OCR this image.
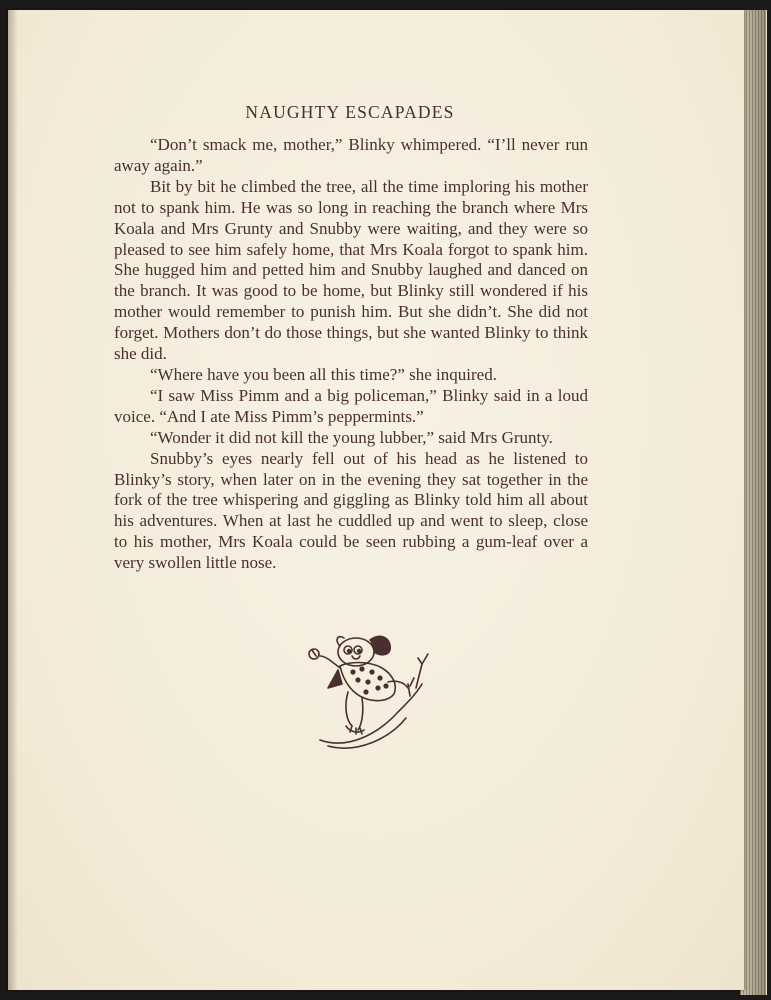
NAUGHTY ESCAPADES

“Don’t smack me, mother,” Blinky whimpered. “I’ll never run away again.”

Bit by bit he climbed the tree, all the time imploring his mother not to spank him. He was so long in reaching the branch where Mrs Koala and Mrs Grunty and Snubby were waiting, and they were so pleased to see him safely home, that Mrs Koala forgot to spank him. She hugged him and petted him and Snubby laughed and danced on the branch. It was good to be home, but Blinky still wondered if his mother would remember to punish him. But she didn’t. She did not forget. Mothers don’t do those things, but she wanted Blinky to think she did.

“Where have you been all this time?” she inquired.

“I saw Miss Pimm and a big policeman,” Blinky said in a loud voice. “And I ate Miss Pimm’s peppermints.”

“Wonder it did not kill the young lubber,” said Mrs Grunty.

Snubby’s eyes nearly fell out of his head as he listened to Blinky’s story, when later on in the evening they sat together in the fork of the tree whispering and giggling as Blinky told him all about his adventures. When at last he cuddled up and went to sleep, close to his mother, Mrs Koala could be seen rubbing a gum-leaf over a very swollen little nose.
